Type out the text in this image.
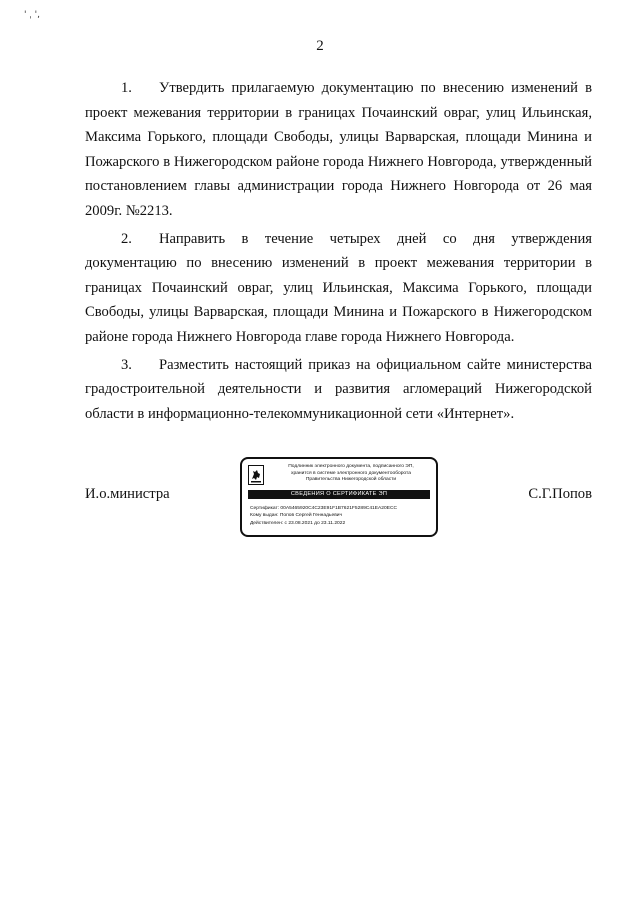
' ˌ ',
2

1. Утвердить прилагаемую документацию по внесению изменений в проект межевания территории в границах Почаинский овраг, улиц Ильинская, Максима Горького, площади Свободы, улицы Варварская, площади Минина и Пожарского в Нижегородском районе города Нижнего Новгорода, утвержденный постановлением главы администрации города Нижнего Новгорода от 26 мая 2009г. №2213.

2. Направить в течение четырех дней со дня утверждения документацию по внесению изменений в проект межевания территории в границах Почаинский овраг, улиц Ильинская, Максима Горького, площади Свободы, улицы Варварская, площади Минина и Пожарского в Нижегородском районе города Нижнего Новгорода главе города Нижнего Новгорода.

3. Разместить настоящий приказ на официальном сайте министерства градостроительной деятельности и развития агломераций Нижегородской области в информационно-телекоммуникационной сети «Интернет».

И.о.министра
Подлинник электронного документа, подписанного ЭП,
хранится в системе электронного документооборота
Правительства Нижегородской области
СВЕДЕНИЯ О СЕРТИФИКАТЕ ЭП
Сертификат: 00A5465920C4C23E91F1B7621F5289C41EA20ECC
Кому выдан: Попов Сергей Геннадьевич
Действителен: с 23.08.2021 до 23.11.2022
С.Г.Попов
